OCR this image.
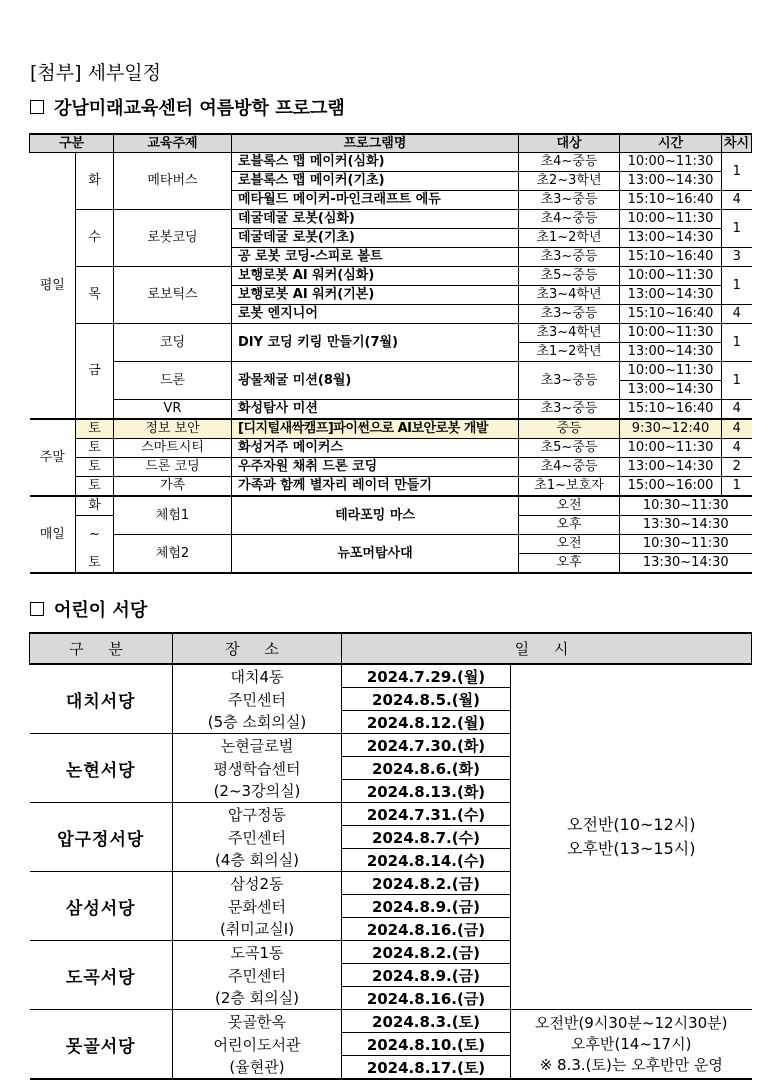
[첨부] 세부일정
강남미래교육센터 여름방학 프로그램
구분		교육주제	프로그램명	대상	시간	차시
평일	화	메타버스	로블록스 맵 메이커(심화)	초4~중등	10:00~11:30	1
			로블록스 맵 메이커(기초)	초2~3학년	13:00~14:30	
			메타월드 메이커-마인크래프트 에듀	초3~중등	15:10~16:40	4
	수	로봇코딩	데굴데굴 로봇(심화)	초4~중등	10:00~11:30	1
			데굴데굴 로봇(기초)	초1~2학년	13:00~14:30	
			공 로봇 코딩-스피로 볼트	초3~중등	15:10~16:40	3
	목	로보틱스	보행로봇 AI 워커(심화)	초5~중등	10:00~11:30	1
			보행로봇 AI 워커(기본)	초3~4학년	13:00~14:30	
			로봇 엔지니어	초3~중등	15:10~16:40	4
	금	코딩	DIY 코딩 키링 만들기(7월)	초3~4학년	10:00~11:30	1
				초1~2학년	13:00~14:30	
		드론	광물채굴 미션(8월)	초3~중등	10:00~11:30	1
					13:00~14:30	
		VR	화성탐사 미션	초3~중등	15:10~16:40	4
주말	토	정보 보안	[디지털새싹캠프]파이썬으로 AI보안로봇 개발	중등	9:30~12:40	4
	토	스마트시티	화성거주 메이커스	초5~중등	10:00~11:30	4
	토	드론 코딩	우주자원 채취 드론 코딩	초4~중등	13:00~14:30	2
	토	가족	가족과 함께 별자리 레이더 만들기	초1~보호자	15:00~16:00	1
매일	화	체험1	테라포밍 마스	오전	10:30~11:30	
	~			오후	13:30~14:30	
		체험2	뉴포머탐사대	오전	10:30~11:30	
	토			오후	13:30~14:30	
어린이 서당
구 분	장 소	일 시	
대치서당	대치4동	2024.7.29.(월)	오전반(10~12시)
오후반(13~15시)

	주민센터	2024.8.5.(월)	
	(5층 소회의실)	2024.8.12.(월)	
논현서당	논현글로벌	2024.7.30.(화)	
	평생학습센터	2024.8.6.(화)	
	(2~3강의실)	2024.8.13.(화)	
압구정서당	압구정동	2024.7.31.(수)	
	주민센터	2024.8.7.(수)	
	(4층 회의실)	2024.8.14.(수)	
삼성서당	삼성2동	2024.8.2.(금)	
	문화센터	2024.8.9.(금)	
	(취미교실Ⅰ)	2024.8.16.(금)	
도곡서당	도곡1동	2024.8.2.(금)	
	주민센터	2024.8.9.(금)	
	(2층 회의실)	2024.8.16.(금)	
못골서당	못골한옥	2024.8.3.(토)	오전반(9시30분~12시30분)
오후반(14~17시)
※ 8.3.(토)는 오후반만 운영

	어린이도서관	2024.8.10.(토)	
	(율현관)	2024.8.17.(토)	
